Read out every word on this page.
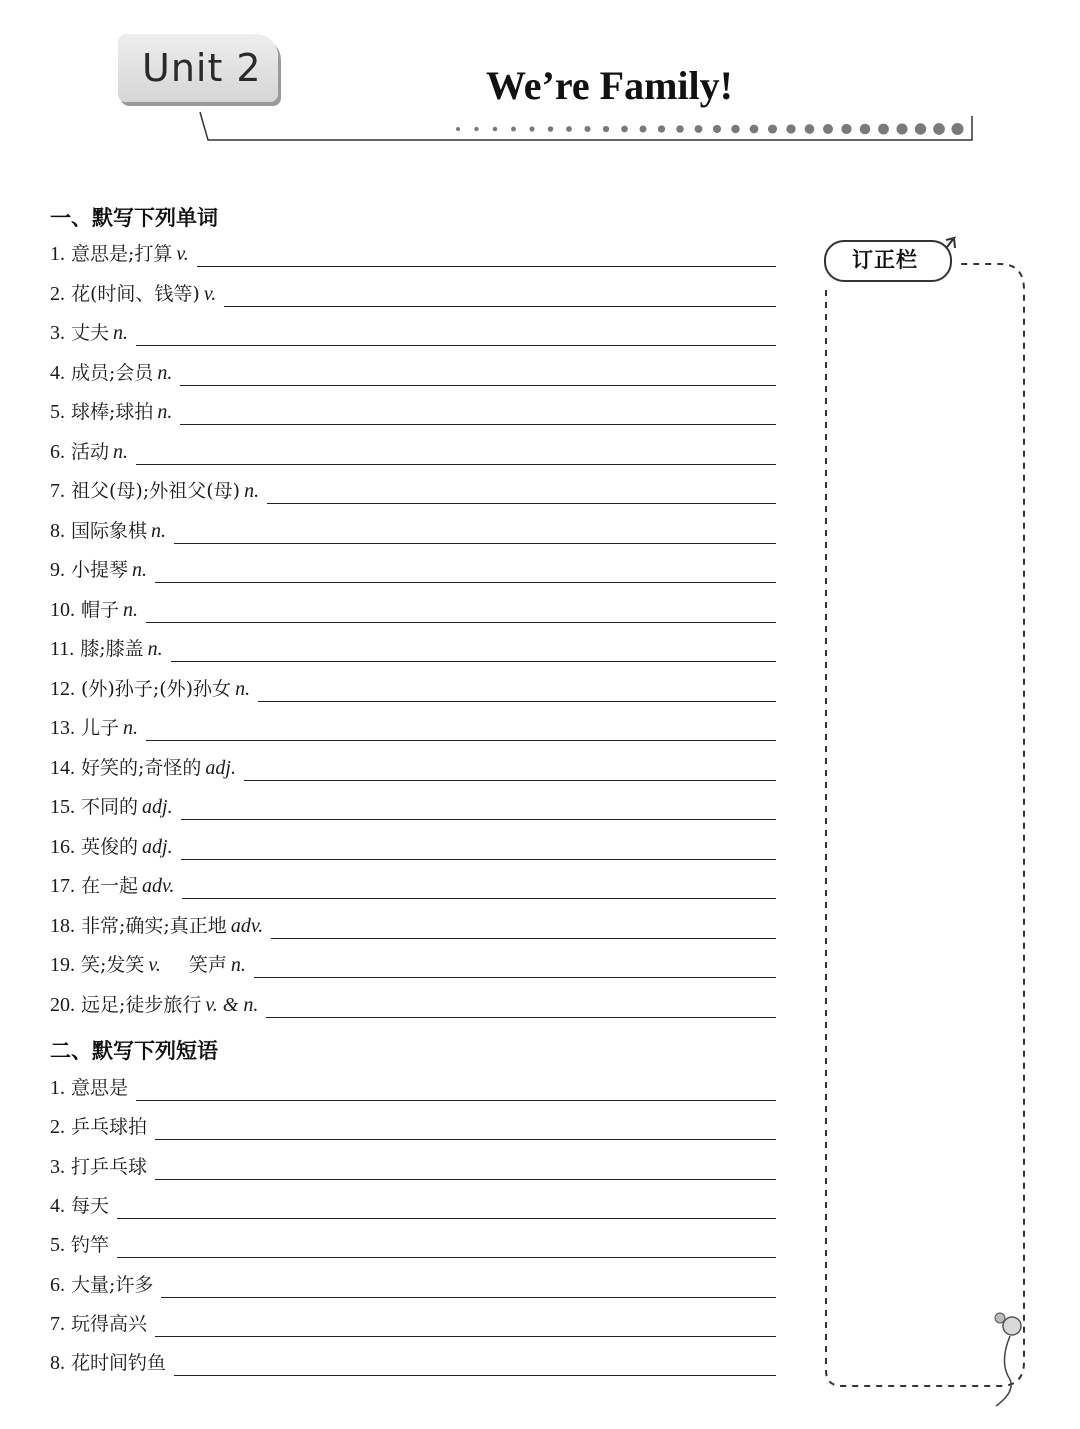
Unit 2	We’re Family!
订正栏
一、默写下列单词
1. 意思是;打算 v.
2. 花(时间、钱等) v.
3. 丈夫 n.
4. 成员;会员 n.
5. 球棒;球拍 n.
6. 活动 n.
7. 祖父(母);外祖父(母) n.
8. 国际象棋 n.
9. 小提琴 n.
10. 帽子 n.
11. 膝;膝盖 n.
12. (外)孙子;(外)孙女 n.
13. 儿子 n.
14. 好笑的;奇怪的 adj.
15. 不同的 adj.
16. 英俊的 adj.
17. 在一起 adv.
18. 非常;确实;真正地 adv.
19. 笑;发笑 v. 笑声 n.
20. 远足;徒步旅行 v. & n.
二、默写下列短语
1. 意思是
2. 乒乓球拍
3. 打乒乓球
4. 每天
5. 钓竿
6. 大量;许多
7. 玩得高兴
8. 花时间钓鱼
